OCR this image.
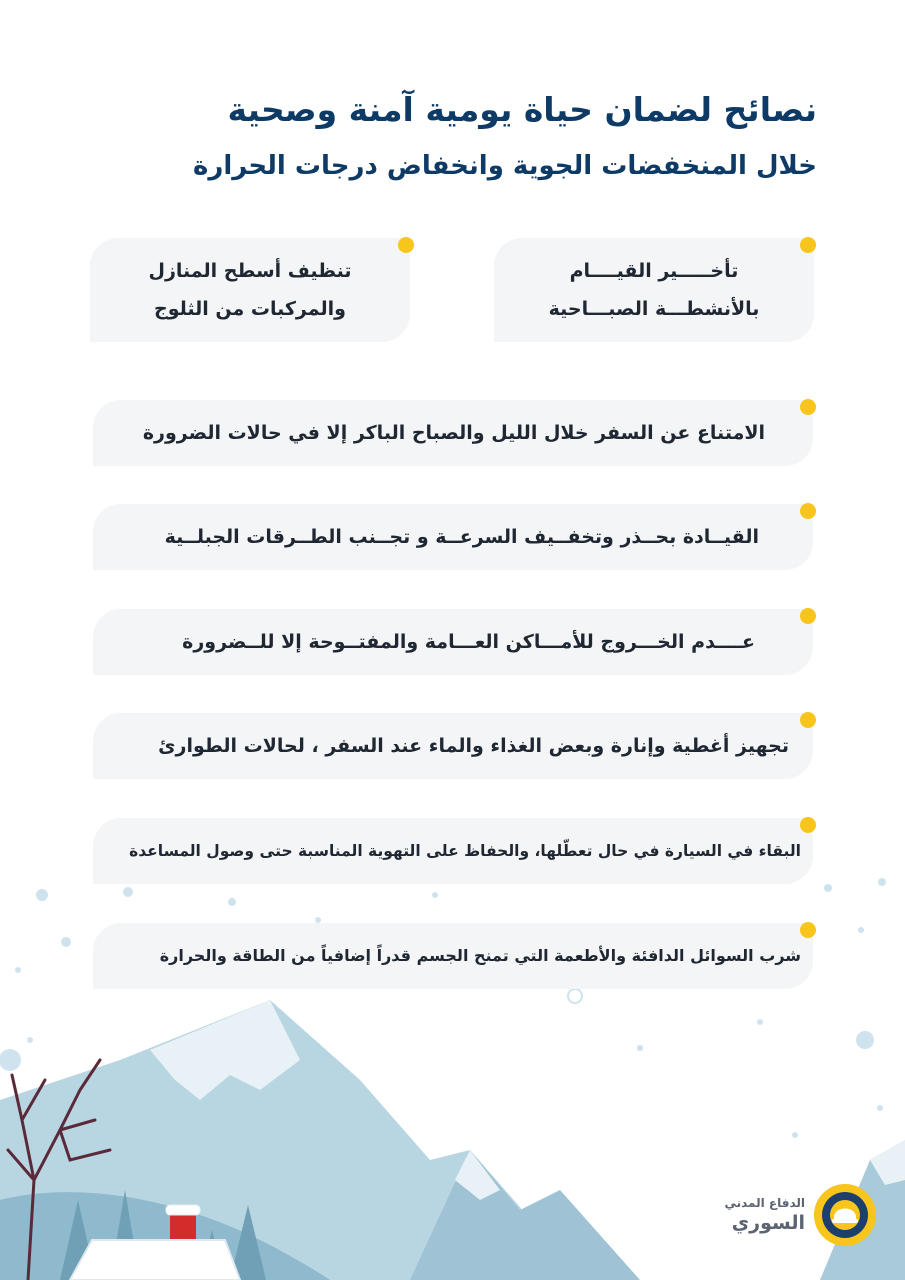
نصائح لضمان حياة يومية آمنة وصحية
خلال المنخفضات الجوية وانخفاض درجات الحرارة
تأخـــــير القيــــام
بالأنشطـــة الصبـــاحية
تنظيف أسطح المنازل
والمركبات من الثلوج
الامتناع عن السفر خلال الليل والصباح الباكر إلا في حالات الضرورة
القيــادة بحــذر وتخفــيف السرعــة و تجــنب الطــرقات الجبلــية
عــــدم الخـــروج للأمـــاكن العـــامة والمفتــوحة إلا للــضرورة
تجهيز أغطية وإنارة وبعض الغذاء والماء عند السفر ، لحالات الطوارئ
البقاء في السيارة في حال تعطّلها، والحفاظ على التهوية المناسبة حتى وصول المساعدة
شرب السوائل الدافئة والأطعمة التي تمنح الجسم قدراً إضافياً من الطاقة والحرارة
الدفاع المدني
السوري
